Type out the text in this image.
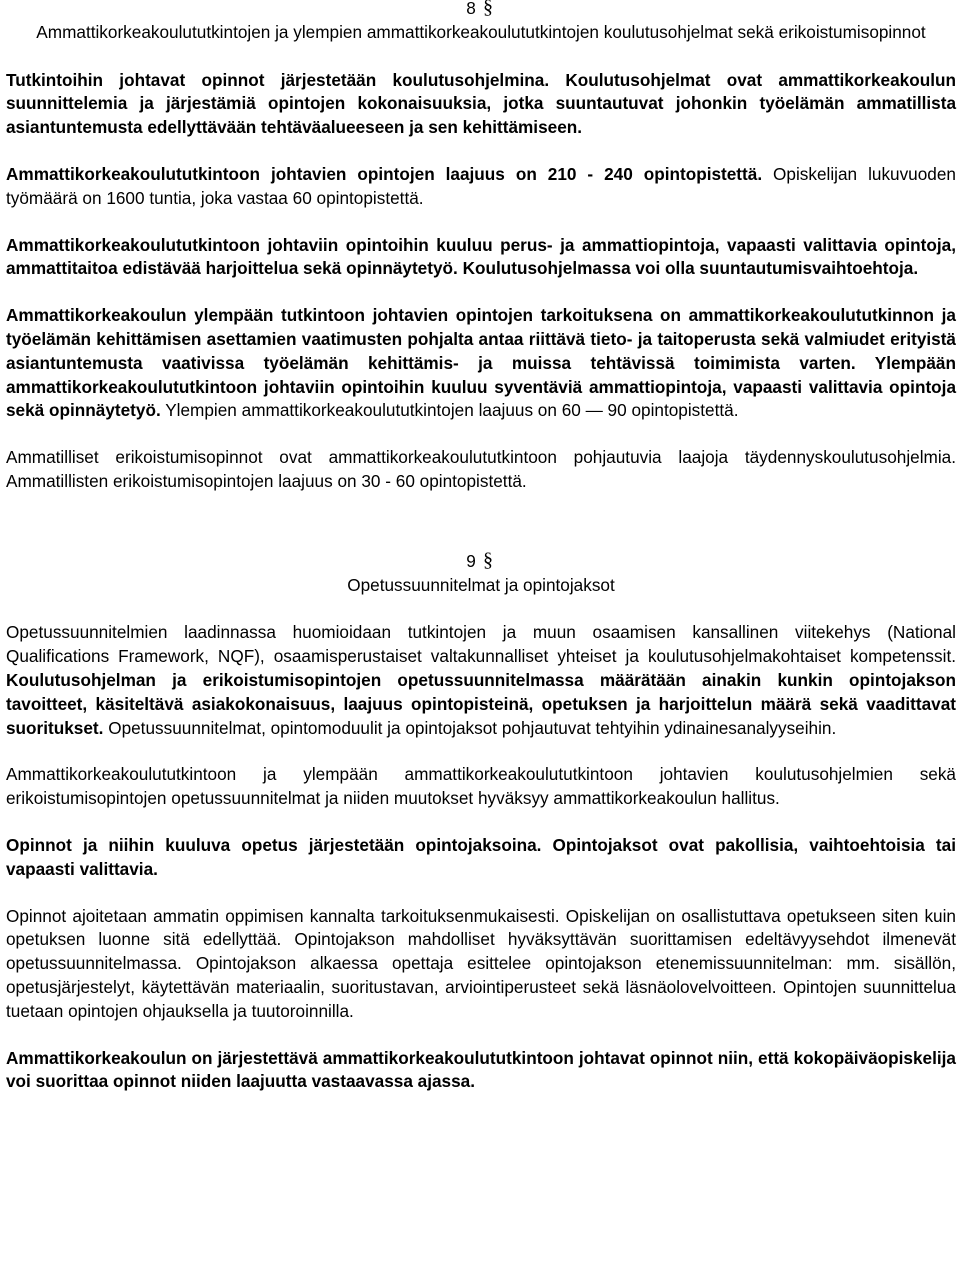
8 §
Ammattikorkeakoulututkintojen ja ylempien ammattikorkeakoulututkintojen koulutusohjelmat sekä erikoistumisopinnot

Tutkintoihin johtavat opinnot järjestetään koulutusohjelmina. Koulutusohjelmat ovat ammattikorkeakoulun suunnittelemia ja järjestämiä opintojen kokonaisuuksia, jotka suuntautuvat johonkin työelämän ammatillista asiantuntemusta edellyttävään tehtäväalueeseen ja sen kehittämiseen.

Ammattikorkeakoulututkintoon johtavien opintojen laajuus on 210 - 240 opintopistettä. Opiskelijan lukuvuoden työmäärä on 1600 tuntia, joka vastaa 60 opintopistettä.

Ammattikorkeakoulututkintoon johtaviin opintoihin kuuluu perus- ja ammattiopintoja, vapaasti valittavia opintoja, ammattitaitoa edistävää harjoittelua sekä opinnäytetyö. Koulutusohjelmassa voi olla suuntautumisvaihtoehtoja.

Ammattikorkeakoulun ylempään tutkintoon johtavien opintojen tarkoituksena on ammattikorkeakoulututkinnon ja työelämän kehittämisen asettamien vaatimusten pohjalta antaa riittävä tieto- ja taitoperusta sekä valmiudet erityistä asiantuntemusta vaativissa työelämän kehittämis- ja muissa tehtävissä toimimista varten. Ylempään ammattikorkeakoulututkintoon johtaviin opintoihin kuuluu syventäviä ammattiopintoja, vapaasti valittavia opintoja sekä opinnäytetyö. Ylempien ammattikorkeakoulututkintojen laajuus on 60 — 90 opintopistettä.

Ammatilliset erikoistumisopinnot ovat ammattikorkeakoulututkintoon pohjautuvia laajoja täydennyskoulutusohjelmia. Ammatillisten erikoistumisopintojen laajuus on 30 - 60 opintopistettä.

9 §
Opetussuunnitelmat ja opintojaksot

Opetussuunnitelmien laadinnassa huomioidaan tutkintojen ja muun osaamisen kansallinen viitekehys (National Qualifications Framework, NQF), osaamisperustaiset valtakunnalliset yhteiset ja koulutusohjelmakohtaiset kompetenssit. Koulutusohjelman ja erikoistumisopintojen opetussuunnitelmassa määrätään ainakin kunkin opintojakson tavoitteet, käsiteltävä asiakokonaisuus, laajuus opintopisteinä, opetuksen ja harjoittelun määrä sekä vaadittavat suoritukset. Opetussuunnitelmat, opintomoduulit ja opintojaksot pohjautuvat tehtyihin ydinainesanalyyseihin.

Ammattikorkeakoulututkintoon ja ylempään ammattikorkeakoulututkintoon johtavien koulutusohjelmien sekä erikoistumisopintojen opetussuunnitelmat ja niiden muutokset hyväksyy ammattikorkeakoulun hallitus.

Opinnot ja niihin kuuluva opetus järjestetään opintojaksoina. Opintojaksot ovat pakollisia, vaihtoehtoisia tai vapaasti valittavia.

Opinnot ajoitetaan ammatin oppimisen kannalta tarkoituksenmukaisesti. Opiskelijan on osallistuttava opetukseen siten kuin opetuksen luonne sitä edellyttää. Opintojakson mahdolliset hyväksyttävän suorittamisen edeltävyysehdot ilmenevät opetussuunnitelmassa. Opintojakson alkaessa opettaja esittelee opintojakson etenemissuunnitelman: mm. sisällön, opetusjärjestelyt, käytettävän materiaalin, suoritustavan, arviointiperusteet sekä läsnäolovelvoitteen. Opintojen suunnittelua tuetaan opintojen ohjauksella ja tuutoroinnilla.

Ammattikorkeakoulun on järjestettävä ammattikorkeakoulututkintoon johtavat opinnot niin, että kokopäiväopiskelija voi suorittaa opinnot niiden laajuutta vastaavassa ajassa.
